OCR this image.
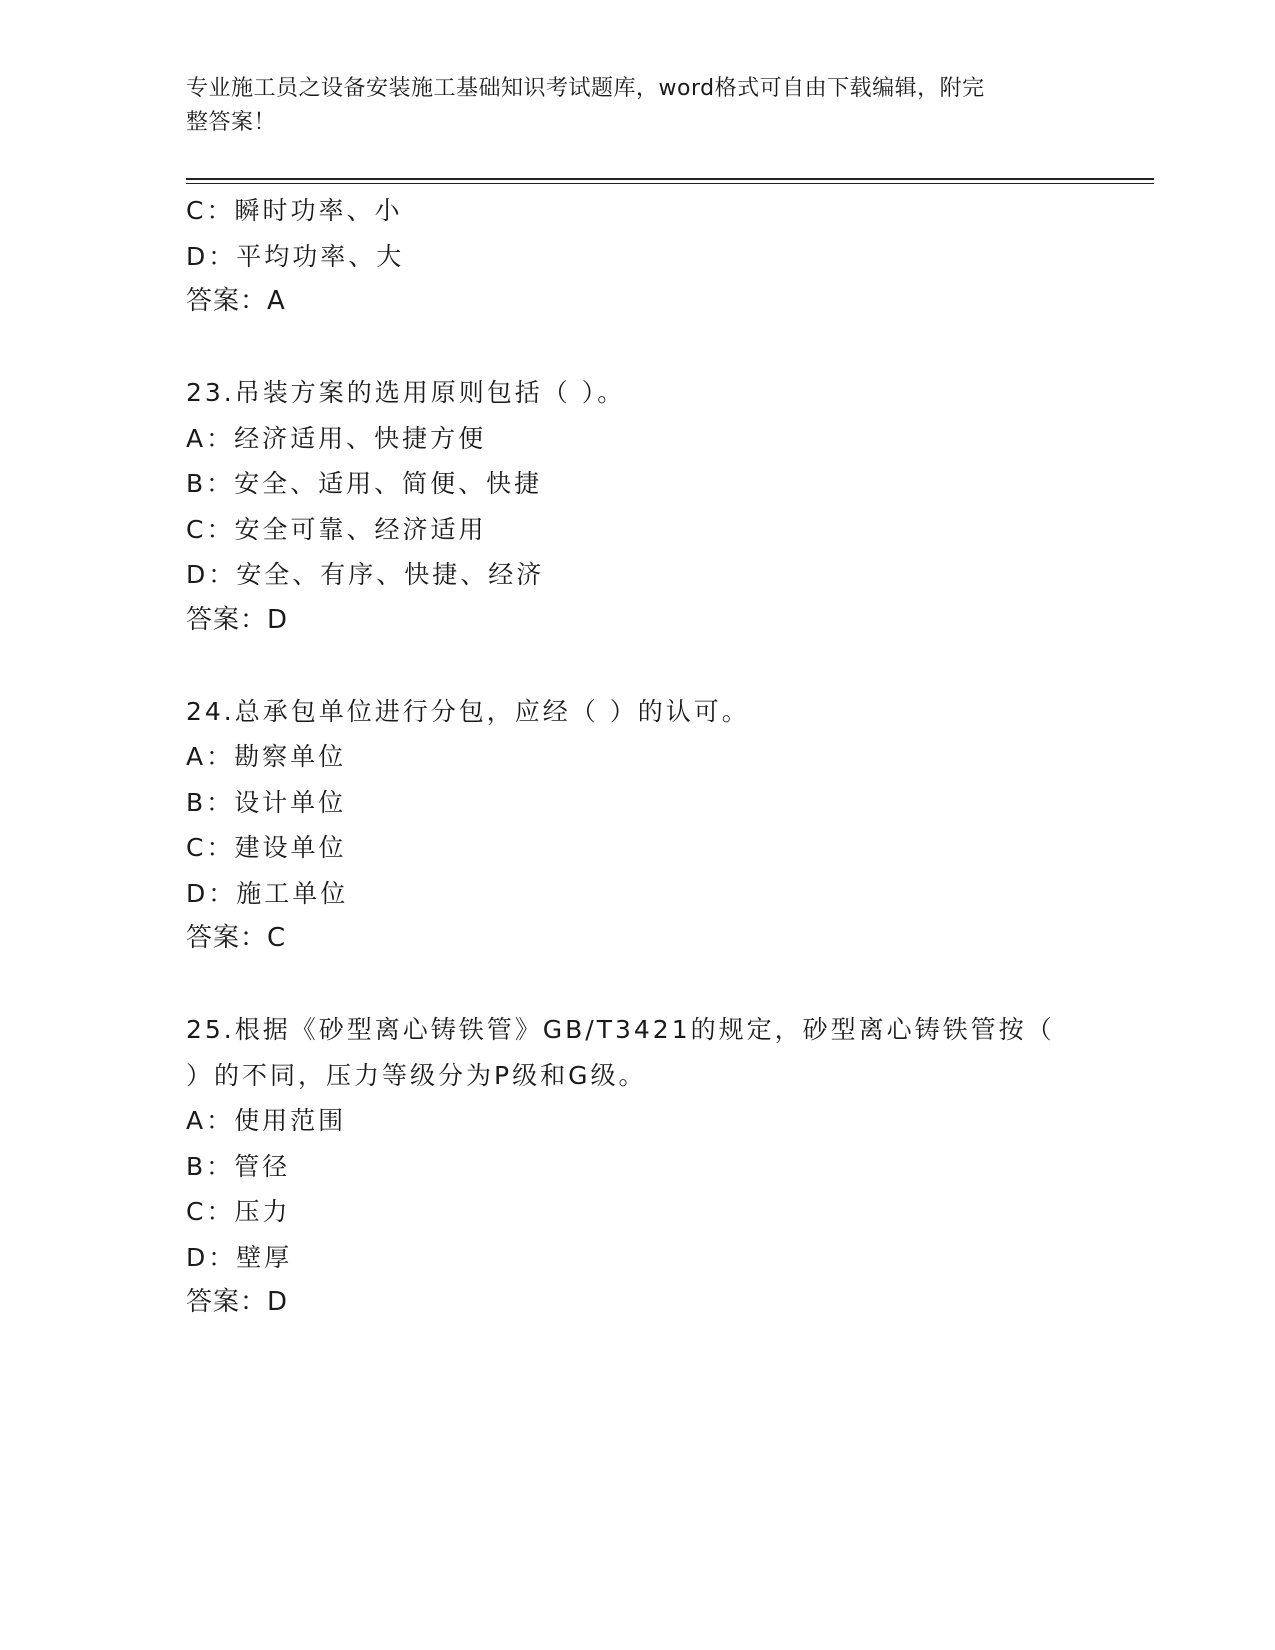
专业施工员之设备安装施工基础知识考试题库，word格式可自由下载编辑，附完
整答案！
C：瞬时功率、小
D：平均功率、大
答案：A
23.吊装方案的选用原则包括（ ）。
A：经济适用、快捷方便
B：安全、适用、简便、快捷
C：安全可靠、经济适用
D：安全、有序、快捷、经济
答案：D
24.总承包单位进行分包，应经（ ）的认可。
A：勘察单位
B：设计单位
C：建设单位
D：施工单位
答案：C
25.根据《砂型离心铸铁管》GB/T3421的规定，砂型离心铸铁管按（
）的不同，压力等级分为P级和G级。
A：使用范围
B：管径
C：压力
D：壁厚
答案：D
